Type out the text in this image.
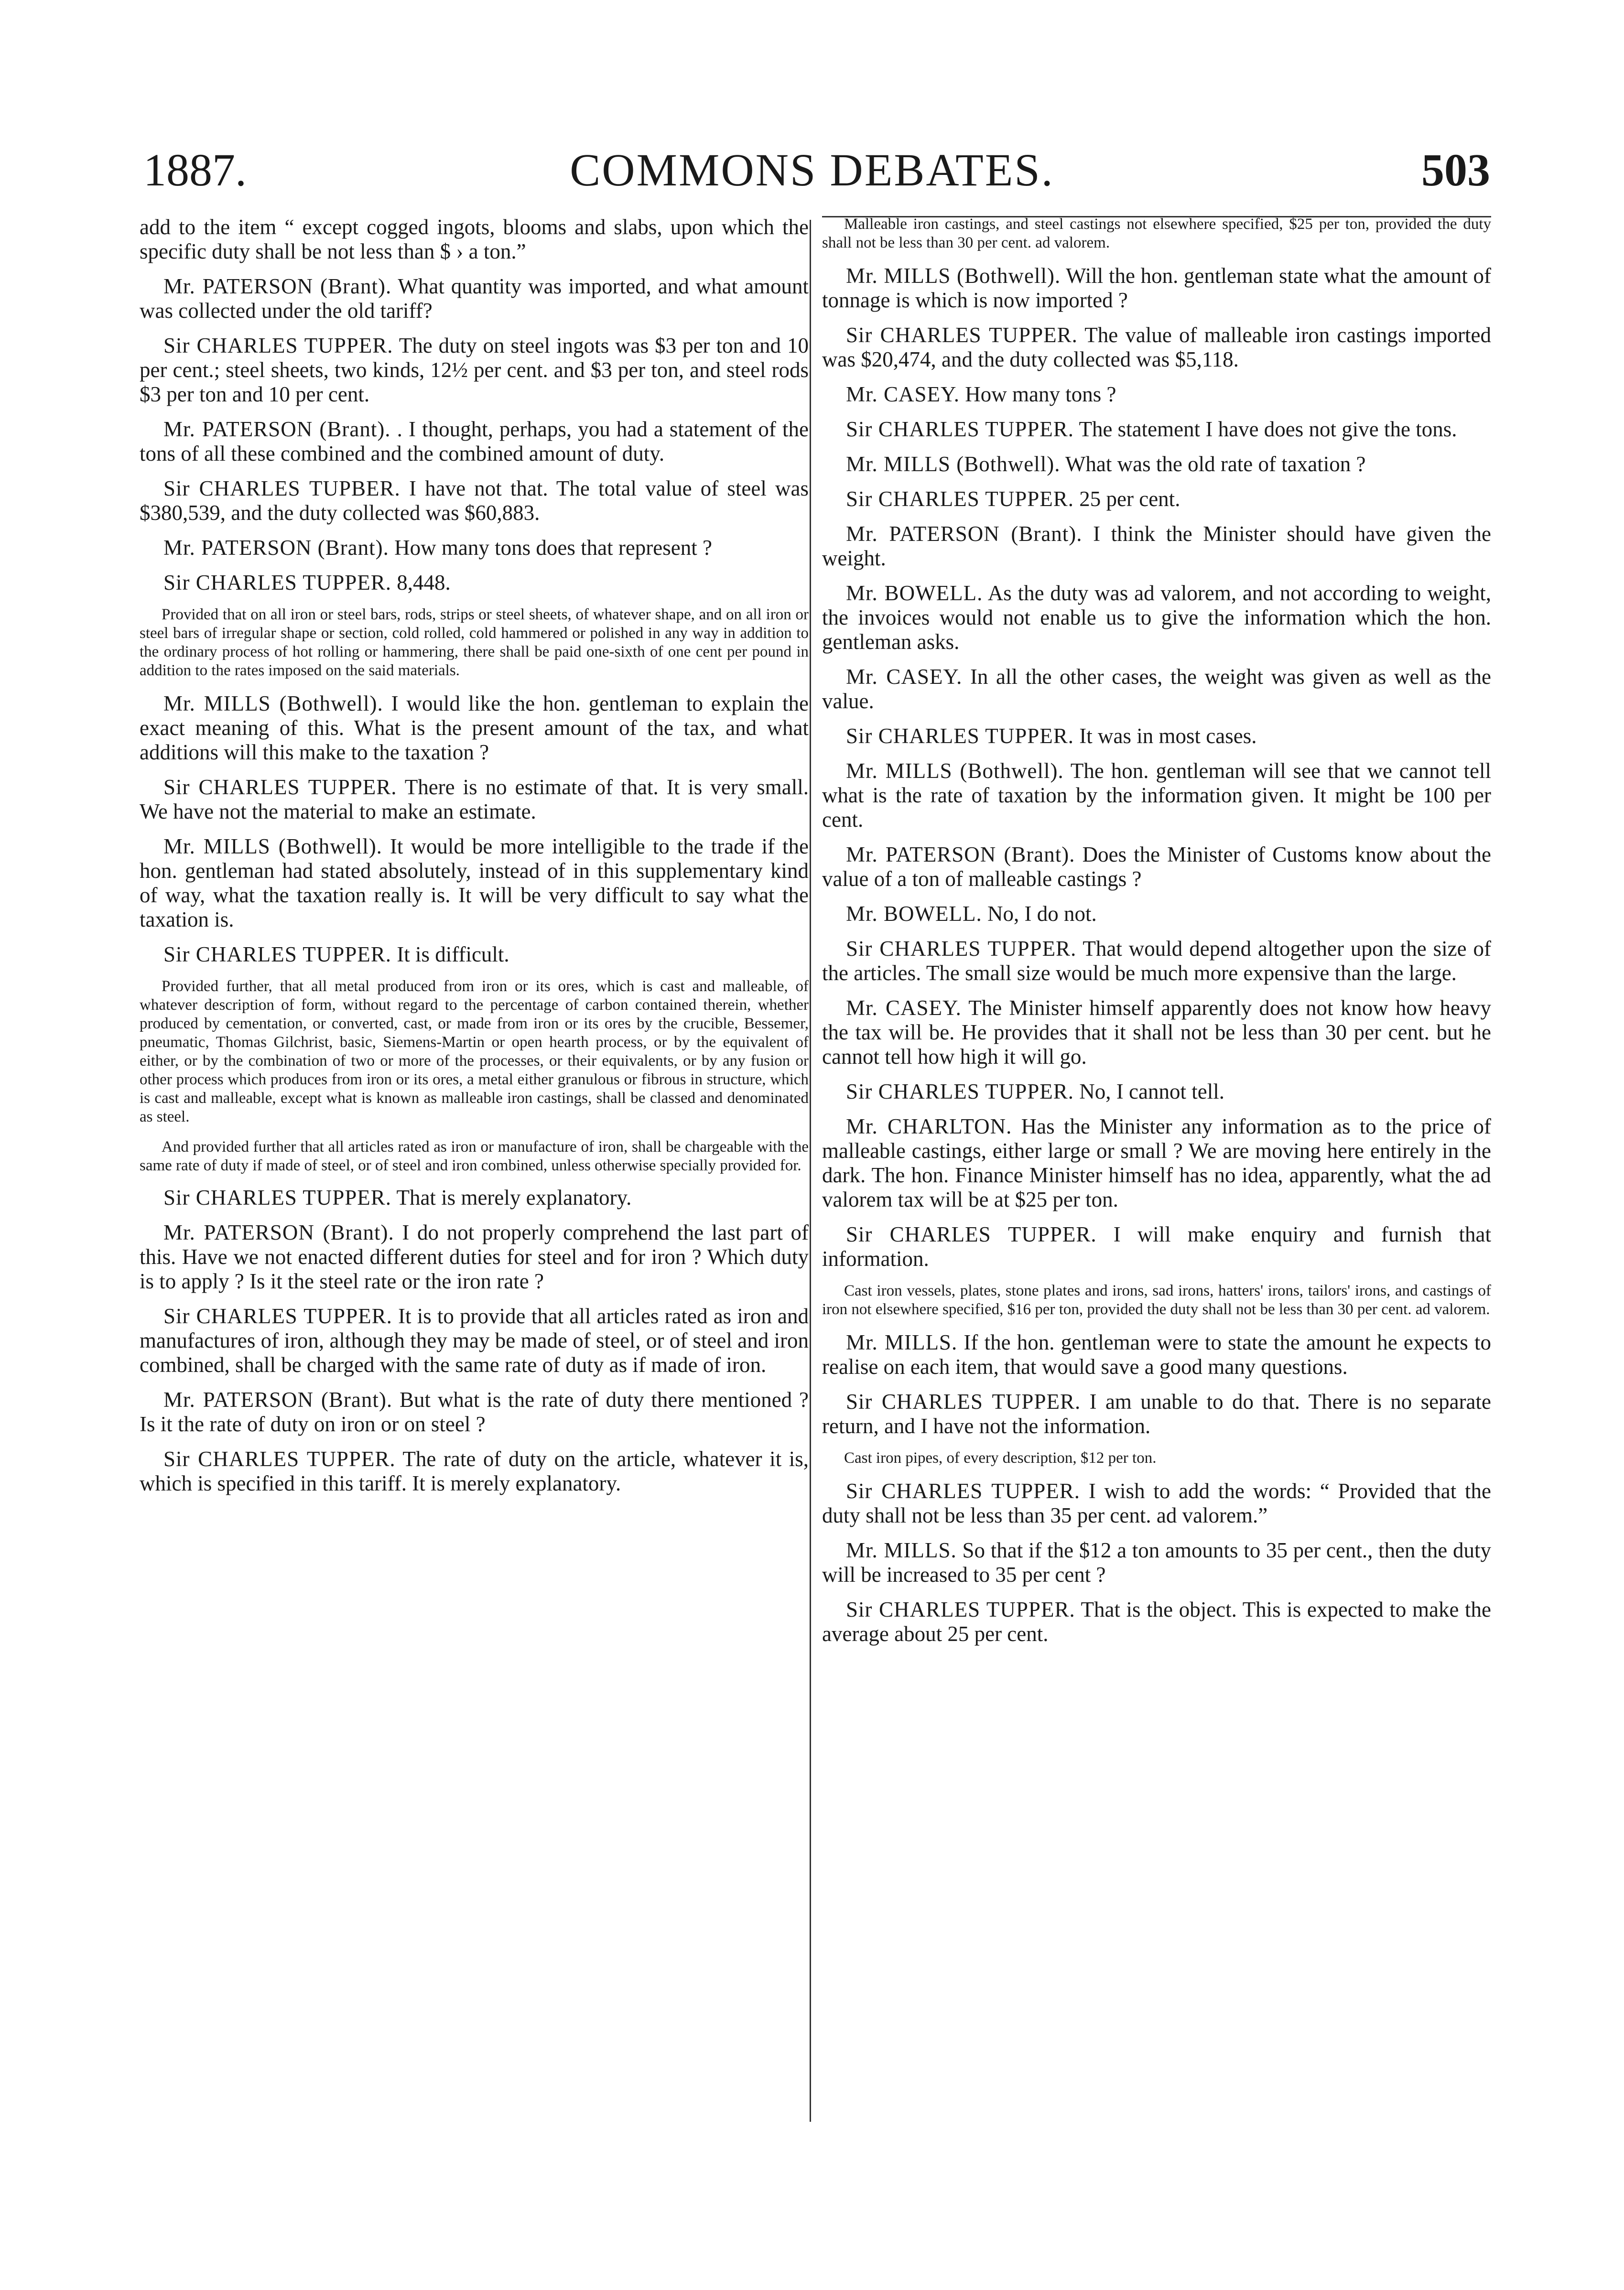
COMMONS DEBATES.
1887.	503

add to the item “ except cogged ingots, blooms and slabs, upon which the specific duty shall be not less than $ › a ton.”

Mr. PATERSON (Brant). What quantity was imported, and what amount was collected under the old tariff?

Sir CHARLES TUPPER. The duty on steel ingots was $3 per ton and 10 per cent.; steel sheets, two kinds, 12½ per cent. and $3 per ton, and steel rods $3 per ton and 10 per cent.

Mr. PATERSON (Brant). . I thought, perhaps, you had a statement of the tons of all these combined and the combined amount of duty.

Sir CHARLES TUPBER. I have not that. The total value of steel was $380,539, and the duty collected was $60,883.

Mr. PATERSON (Brant). How many tons does that represent ?

Sir CHARLES TUPPER. 8,448.

Provided that on all iron or steel bars, rods, strips or steel sheets, of whatever shape, and on all iron or steel bars of irregular shape or section, cold rolled, cold hammered or polished in any way in addition to the ordinary process of hot rolling or hammering, there shall be paid one-sixth of one cent per pound in addition to the rates imposed on the said materials.

Mr. MILLS (Bothwell). I would like the hon. gentleman to explain the exact meaning of this. What is the present amount of the tax, and what additions will this make to the taxation ?

Sir CHARLES TUPPER. There is no estimate of that. It is very small. We have not the material to make an estimate.

Mr. MILLS (Bothwell). It would be more intelligible to the trade if the hon. gentleman had stated absolutely, instead of in this supplementary kind of way, what the taxation really is. It will be very difficult to say what the taxation is.

Sir CHARLES TUPPER. It is difficult.

Provided further, that all metal produced from iron or its ores, which is cast and malleable, of whatever description of form, without regard to the percentage of carbon contained therein, whether produced by cementation, or converted, cast, or made from iron or its ores by the crucible, Bessemer, pneumatic, Thomas Gilchrist, basic, Siemens-Martin or open hearth process, or by the equivalent of either, or by the combination of two or more of the processes, or their equivalents, or by any fusion or other process which produces from iron or its ores, a metal either granulous or fibrous in structure, which is cast and malleable, except what is known as malleable iron castings, shall be classed and denominated as steel.

And provided further that all articles rated as iron or manufacture of iron, shall be chargeable with the same rate of duty if made of steel, or of steel and iron combined, unless otherwise specially provided for.

Sir CHARLES TUPPER. That is merely explanatory.

Mr. PATERSON (Brant). I do not properly comprehend the last part of this. Have we not enacted different duties for steel and for iron ? Which duty is to apply ? Is it the steel rate or the iron rate ?

Sir CHARLES TUPPER. It is to provide that all articles rated as iron and manufactures of iron, although they may be made of steel, or of steel and iron combined, shall be charged with the same rate of duty as if made of iron.

Mr. PATERSON (Brant). But what is the rate of duty there mentioned ? Is it the rate of duty on iron or on steel ?

Sir CHARLES TUPPER. The rate of duty on the article, whatever it is, which is specified in this tariff. It is merely explanatory.

Malleable iron castings, and steel castings not elsewhere specified, $25 per ton, provided the duty shall not be less than 30 per cent. ad valorem.

Mr. MILLS (Bothwell). Will the hon. gentleman state what the amount of tonnage is which is now imported ?

Sir CHARLES TUPPER. The value of malleable iron castings imported was $20,474, and the duty collected was $5,118.

Mr. CASEY. How many tons ?

Sir CHARLES TUPPER. The statement I have does not give the tons.

Mr. MILLS (Bothwell). What was the old rate of taxation ?

Sir CHARLES TUPPER. 25 per cent.

Mr. PATERSON (Brant). I think the Minister should have given the weight.

Mr. BOWELL. As the duty was ad valorem, and not according to weight, the invoices would not enable us to give the information which the hon. gentleman asks.

Mr. CASEY. In all the other cases, the weight was given as well as the value.

Sir CHARLES TUPPER. It was in most cases.

Mr. MILLS (Bothwell). The hon. gentleman will see that we cannot tell what is the rate of taxation by the information given. It might be 100 per cent.

Mr. PATERSON (Brant). Does the Minister of Customs know about the value of a ton of malleable castings ?

Mr. BOWELL. No, I do not.

Sir CHARLES TUPPER. That would depend altogether upon the size of the articles. The small size would be much more expensive than the large.

Mr. CASEY. The Minister himself apparently does not know how heavy the tax will be. He provides that it shall not be less than 30 per cent. but he cannot tell how high it will go.

Sir CHARLES TUPPER. No, I cannot tell.

Mr. CHARLTON. Has the Minister any information as to the price of malleable castings, either large or small ? We are moving here entirely in the dark. The hon. Finance Minister himself has no idea, apparently, what the ad valorem tax will be at $25 per ton.

Sir CHARLES TUPPER. I will make enquiry and furnish that information.

Cast iron vessels, plates, stone plates and irons, sad irons, hatters' irons, tailors' irons, and castings of iron not elsewhere specified, $16 per ton, provided the duty shall not be less than 30 per cent. ad valorem.

Mr. MILLS. If the hon. gentleman were to state the amount he expects to realise on each item, that would save a good many questions.

Sir CHARLES TUPPER. I am unable to do that. There is no separate return, and I have not the information.

Cast iron pipes, of every description, $12 per ton.

Sir CHARLES TUPPER. I wish to add the words: “ Provided that the duty shall not be less than 35 per cent. ad valorem.”

Mr. MILLS. So that if the $12 a ton amounts to 35 per cent., then the duty will be increased to 35 per cent ?

Sir CHARLES TUPPER. That is the object. This is expected to make the average about 25 per cent.
